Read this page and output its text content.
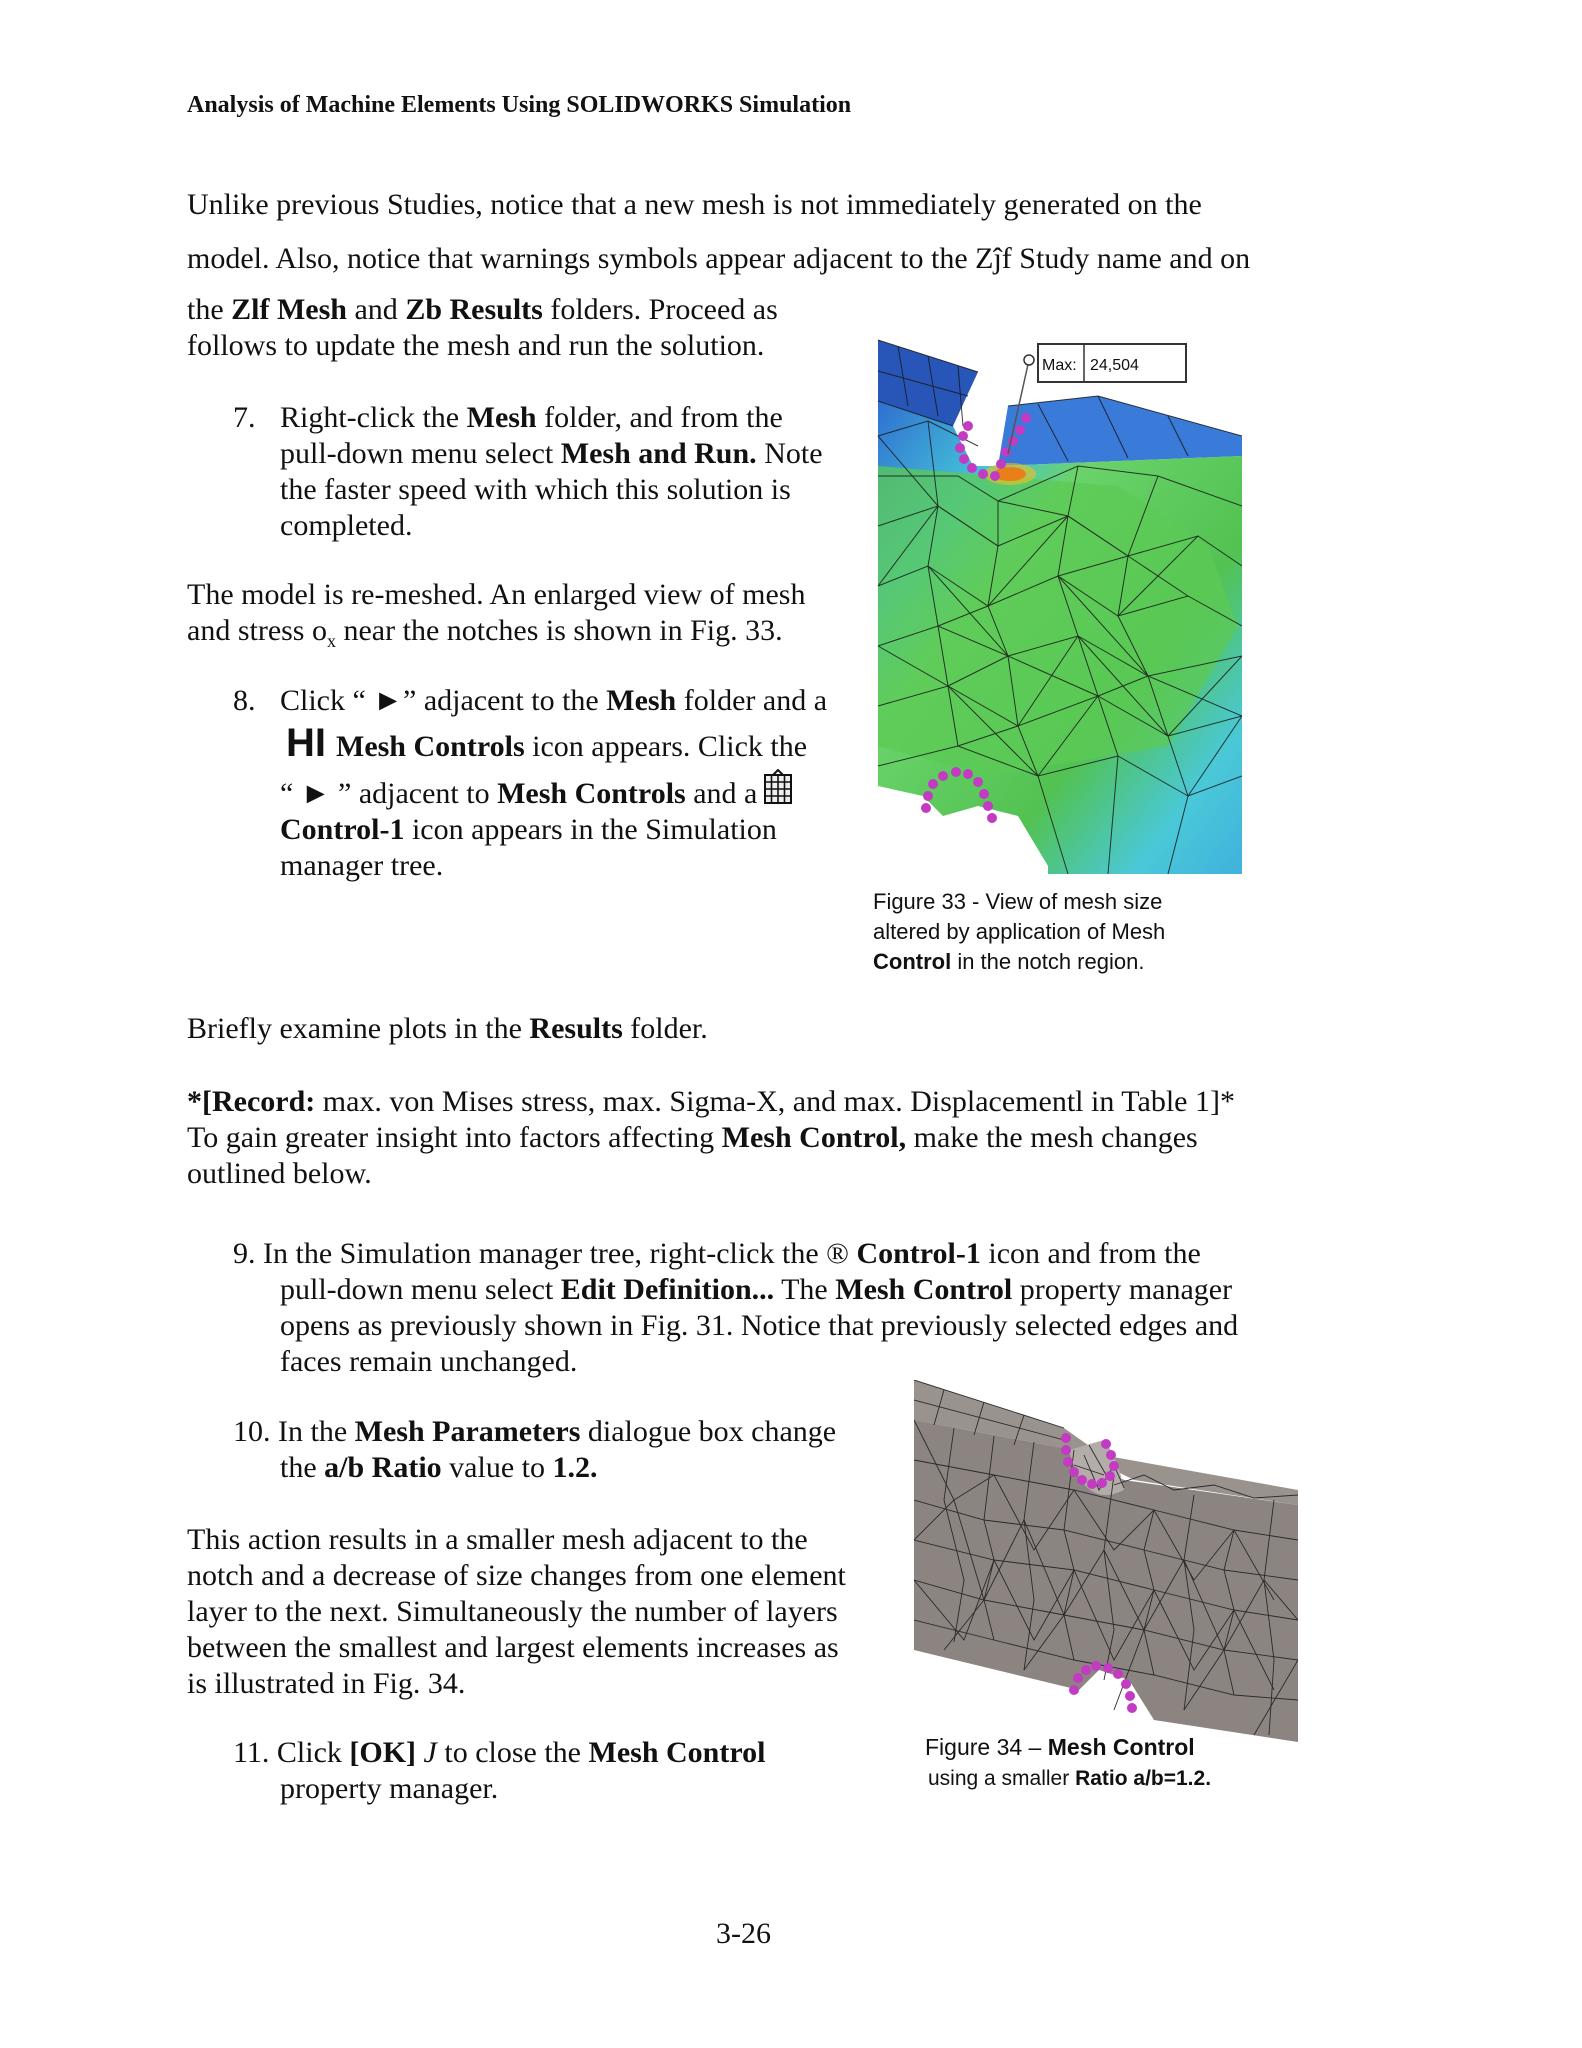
Analysis of Machine Elements Using SOLIDWORKS Simulation
Unlike previous Studies, notice that a new mesh is not immediately generated on the
model. Also, notice that warnings symbols appear adjacent to the Zĵf Study name and on
the Zlf Mesh and Zb Results folders. Proceed as
follows to update the mesh and run the solution.
7. Right-click the Mesh folder, and from the
pull-down menu select Mesh and Run. Note
the faster speed with which this solution is
completed.
The model is re-meshed. An enlarged view of mesh
and stress $o_x$ near the notches is shown in Fig. 33.
8. Click “ ►” adjacent to the Mesh folder and a
HI Mesh Controls icon appears. Click the
“ ► ” adjacent to Mesh Controls and a
Control-1 icon appears in the Simulation
manager tree.
Max: 24,504
Figure 33 - View of mesh size
altered by application of Mesh
Control in the notch region.
Briefly examine plots in the Results folder.
*[Record: max. von Mises stress, max. Sigma-X, and max. Displacementl in Table 1]*
To gain greater insight into factors affecting Mesh Control, make the mesh changes
outlined below.
9. In the Simulation manager tree, right-click the ® Control-1 icon and from the
pull-down menu select Edit Definition... The Mesh Control property manager
opens as previously shown in Fig. 31. Notice that previously selected edges and
faces remain unchanged.
10. In the Mesh Parameters dialogue box change
the a/b Ratio value to 1.2.
This action results in a smaller mesh adjacent to the
notch and a decrease of size changes from one element
layer to the next. Simultaneously the number of layers
between the smallest and largest elements increases as
is illustrated in Fig. 34.
Figure 34 – Mesh Control
using a smaller Ratio a/b=1.2.
11. Click [OK] J to close the Mesh Control
property manager.
3-26
